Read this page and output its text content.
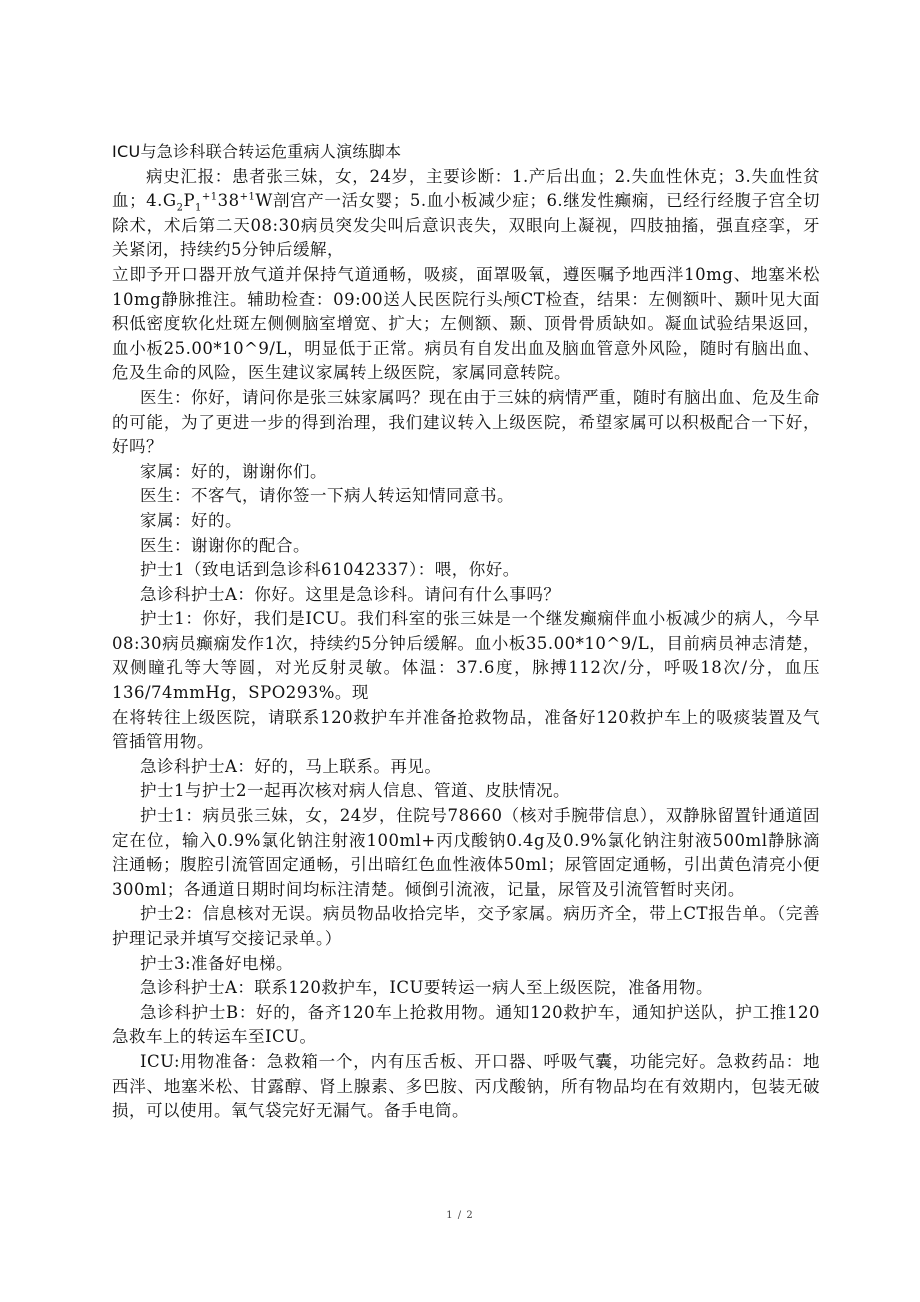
ICU与急诊科联合转运危重病人演练脚本

病史汇报：患者张三妹，女，24岁，主要诊断：1.产后出血；2.失血性休克；3.失血性贫血；$4.G_2P_1^{+1}38^{+1}W$剖宫产一活女婴；5.血小板减少症；6.继发性癫痫，已经行经腹子宫全切除术，术后第二天08:30病员突发尖叫后意识丧失，双眼向上凝视，四肢抽搐，强直痉挛，牙关紧闭，持续约5分钟后缓解，

立即予开口器开放气道并保持气道通畅，吸痰，面罩吸氧，遵医嘱予地西泮10mg、地塞米松10mg静脉推注。辅助检查：09:00送人民医院行头颅CT检查，结果：左侧额叶、颞叶见大面积低密度软化灶斑左侧侧脑室增宽、扩大；左侧额、颞、顶骨骨质缺如。凝血试验结果返回，血小板25.00*10^9/L，明显低于正常。病员有自发出血及脑血管意外风险，随时有脑出血、危及生命的风险，医生建议家属转上级医院，家属同意转院。

医生：你好，请问你是张三妹家属吗？现在由于三妹的病情严重，随时有脑出血、危及生命的可能，为了更进一步的得到治理，我们建议转入上级医院，希望家属可以积极配合一下好，好吗？

家属：好的，谢谢你们。

医生：不客气，请你签一下病人转运知情同意书。

家属：好的。

医生：谢谢你的配合。

护士1（致电话到急诊科61042337）：喂，你好。

急诊科护士A：你好。这里是急诊科。请问有什么事吗？

护士1：你好，我们是ICU。我们科室的张三妹是一个继发癫痫伴血小板减少的病人，今早08:30病员癫痫发作1次，持续约5分钟后缓解。血小板35.00*10^9/L，目前病员神志清楚，双侧瞳孔等大等圆，对光反射灵敏。体温：37.6度，脉搏112次/分，呼吸18次/分，血压136/74mmHg，SPO293%。现

在将转往上级医院，请联系120救护车并准备抢救物品，准备好120救护车上的吸痰装置及气管插管用物。

急诊科护士A：好的，马上联系。再见。

护士1与护士2一起再次核对病人信息、管道、皮肤情况。

护士1：病员张三妹，女，24岁，住院号78660（核对手腕带信息），双静脉留置针通道固定在位，输入0.9%氯化钠注射液100ml+丙戊酸钠0.4g及0.9%氯化钠注射液500ml静脉滴注通畅；腹腔引流管固定通畅，引出暗红色血性液体50ml；尿管固定通畅，引出黄色清亮小便300ml；各通道日期时间均标注清楚。倾倒引流液，记量，尿管及引流管暂时夹闭。

护士2：信息核对无误。病员物品收拾完毕，交予家属。病历齐全，带上CT报告单。（完善护理记录并填写交接记录单。）

护士3:准备好电梯。

急诊科护士A：联系120救护车，ICU要转运一病人至上级医院，准备用物。

急诊科护士B：好的，备齐120车上抢救用物。通知120救护车，通知护送队，护工推120急救车上的转运车至ICU。

ICU:用物准备：急救箱一个，内有压舌板、开口器、呼吸气囊，功能完好。急救药品：地西泮、地塞米松、甘露醇、肾上腺素、多巴胺、丙戊酸钠，所有物品均在有效期内，包装无破损，可以使用。氧气袋完好无漏气。备手电筒。

1 / 2
